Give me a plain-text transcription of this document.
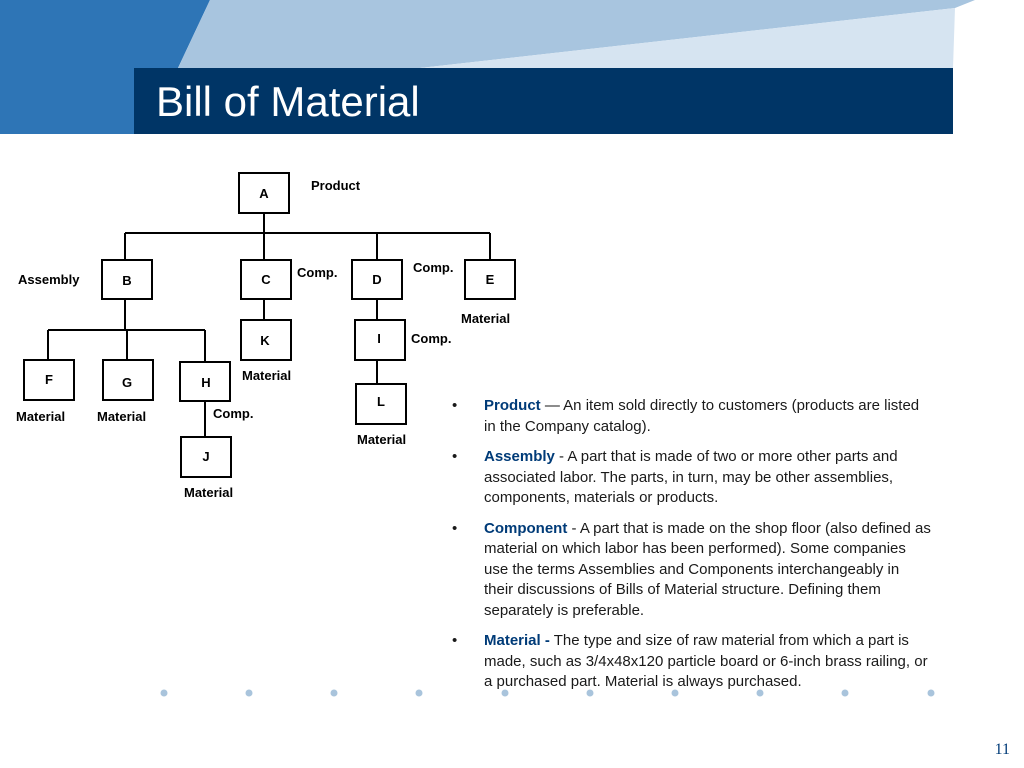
Bill of Material
A
B	C	D	E
K	I
F	G	H
L
J
Product
Assembly	Comp.	Comp.
Comp.
Comp.
Material
Material
Material Material
Material
Material
• Product — An item sold directly to customers (products are listed in the Company catalog).
• Assembly - A part that is made of two or more other parts and associated labor. The parts, in turn, may be other assemblies, components, materials or products.
• Component - A part that is made on the shop floor (also defined as material on which labor has been performed). Some companies use the terms Assemblies and Components interchangeably in their discussions of Bills of Material structure. Defining them separately is preferable.
• Material - The type and size of raw material from which a part is made, such as 3/4x48x120 particle board or 6-inch brass railing, or a purchased part. Material is always purchased.
11
